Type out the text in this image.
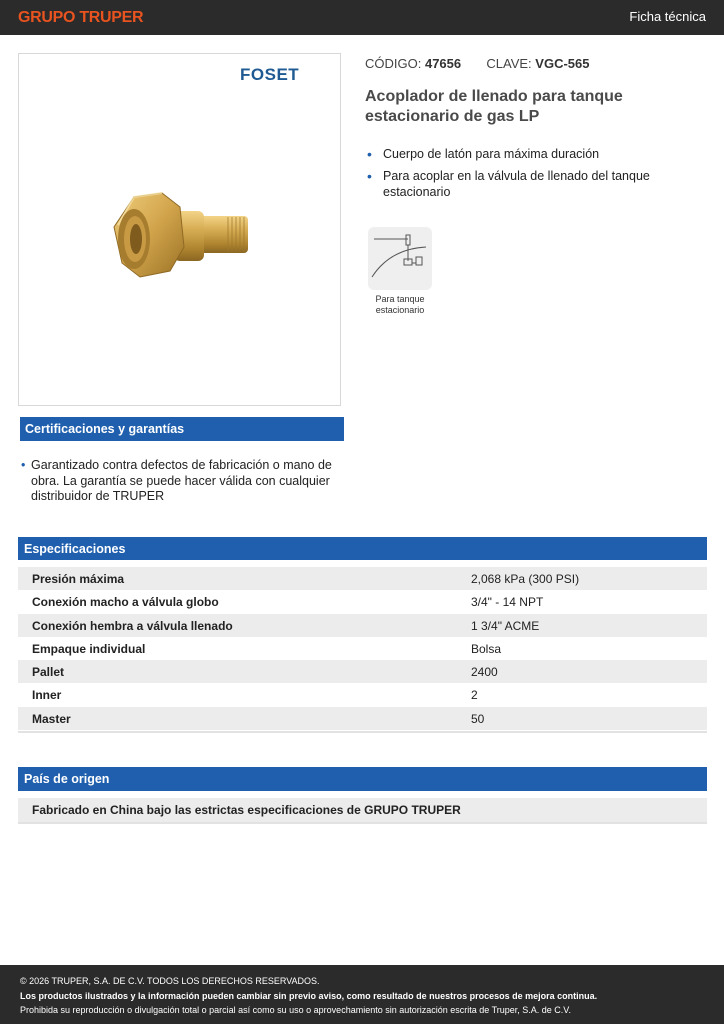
GRUPO TRUPER	Ficha técnica
FOSET
CÓDIGO: 47656 CLAVE: VGC-565
Acoplador de llenado para tanque estacionario de gas LP
• Cuerpo de latón para máxima duración
• Para acoplar en la válvula de llenado del tanque estacionario
Para tanque estacionario
Certificaciones y garantías
• Garantizado contra defectos de fabricación o mano de obra. La garantía se puede hacer válida con cualquier distribuidor de TRUPER
Especificaciones
Presión máxima	2,068 kPa (300 PSI)
Conexión macho a válvula globo	3/4" - 14 NPT
Conexión hembra a válvula llenado	1 3/4" ACME
Empaque individual	Bolsa
Pallet	2400
Inner	2
Master	50
País de origen
Fabricado en China bajo las estrictas especificaciones de GRUPO TRUPER
© 2026 TRUPER, S.A. DE C.V. TODOS LOS DERECHOS RESERVADOS.
Los productos ilustrados y la información pueden cambiar sin previo aviso, como resultado de nuestros procesos de mejora continua.
Prohibida su reproducción o divulgación total o parcial así como su uso o aprovechamiento sin autorización escrita de Truper, S.A. de C.V.
